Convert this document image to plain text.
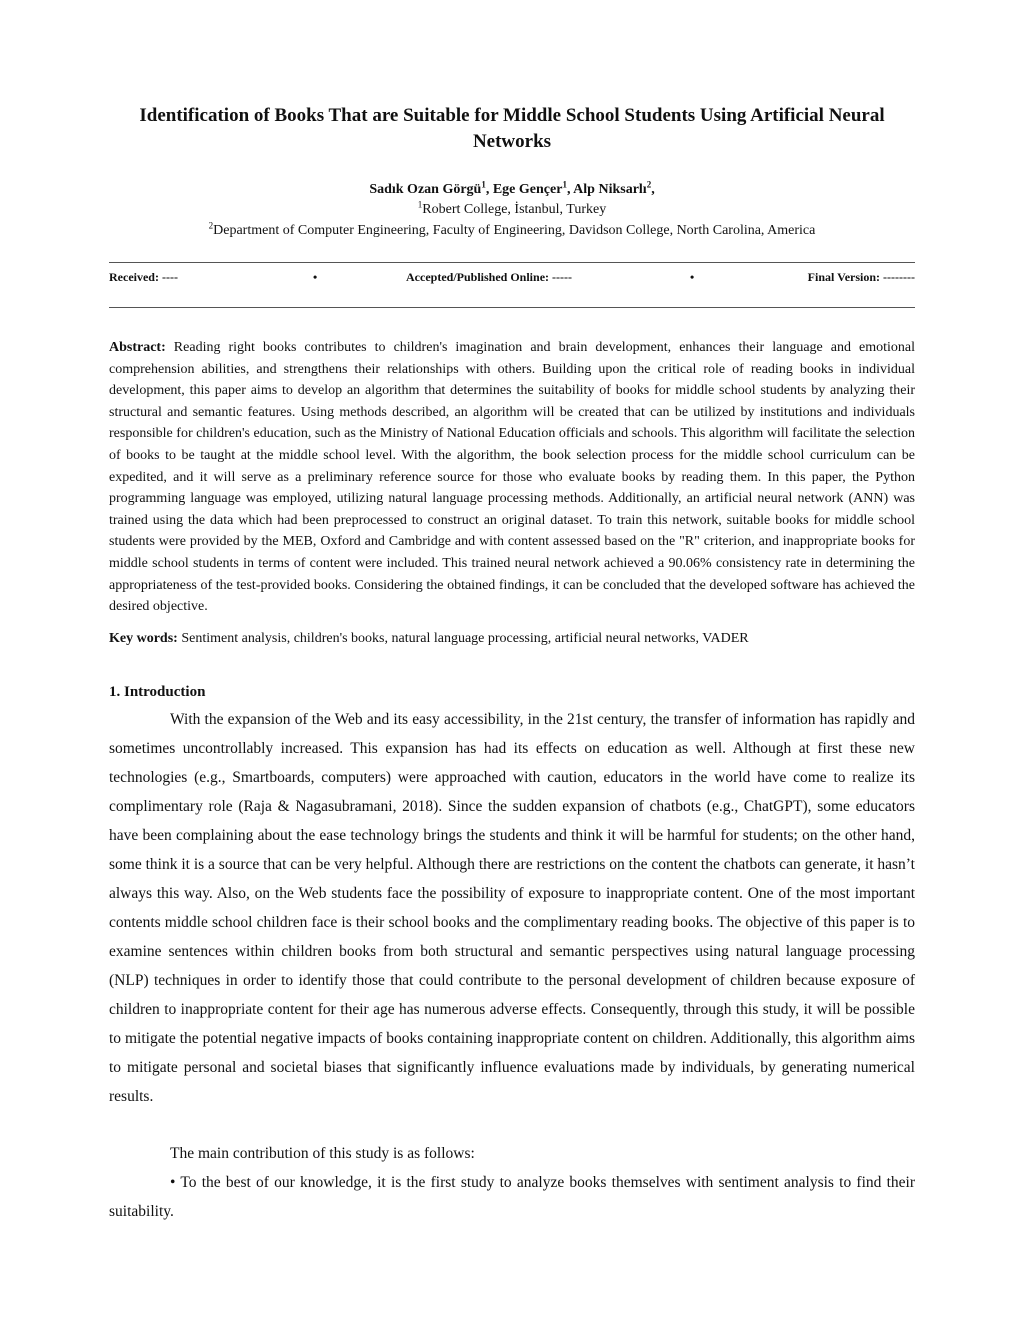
Identification of Books That are Suitable for Middle School Students Using Artificial Neural Networks
Sadık Ozan Görgü$^1$, Ege Gençer$^1$, Alp Niksarlı$^2$,
$^1$Robert College, İstanbul, Turkey
$^2$Department of Computer Engineering, Faculty of Engineering, Davidson College, North Carolina, America
Received: ----	•	Accepted/Published Online: -----	•	Final Version: --------
Abstract: Reading right books contributes to children's imagination and brain development, enhances their language and emotional comprehension abilities, and strengthens their relationships with others. Building upon the critical role of reading books in individual development, this paper aims to develop an algorithm that determines the suitability of books for middle school students by analyzing their structural and semantic features. Using methods described, an algorithm will be created that can be utilized by institutions and individuals responsible for children's education, such as the Ministry of National Education officials and schools. This algorithm will facilitate the selection of books to be taught at the middle school level. With the algorithm, the book selection process for the middle school curriculum can be expedited, and it will serve as a preliminary reference source for those who evaluate books by reading them. In this paper, the Python programming language was employed, utilizing natural language processing methods. Additionally, an artificial neural network (ANN) was trained using the data which had been preprocessed to construct an original dataset. To train this network, suitable books for middle school students were provided by the MEB, Oxford and Cambridge and with content assessed based on the "R" criterion, and inappropriate books for middle school students in terms of content were included. This trained neural network achieved a 90.06% consistency rate in determining the appropriateness of the test-provided books. Considering the obtained findings, it can be concluded that the developed software has achieved the desired objective.
Key words: Sentiment analysis, children's books, natural language processing, artificial neural networks, VADER
1. Introduction
With the expansion of the Web and its easy accessibility, in the 21st century, the transfer of information has rapidly and sometimes uncontrollably increased. This expansion has had its effects on education as well. Although at first these new technologies (e.g., Smartboards, computers) were approached with caution, educators in the world have come to realize its complimentary role (Raja & Nagasubramani, 2018). Since the sudden expansion of chatbots (e.g., ChatGPT), some educators have been complaining about the ease technology brings the students and think it will be harmful for students; on the other hand, some think it is a source that can be very helpful. Although there are restrictions on the content the chatbots can generate, it hasn’t always this way. Also, on the Web students face the possibility of exposure to inappropriate content. One of the most important contents middle school children face is their school books and the complimentary reading books. The objective of this paper is to examine sentences within children books from both structural and semantic perspectives using natural language processing (NLP) techniques in order to identify those that could contribute to the personal development of children because exposure of children to inappropriate content for their age has numerous adverse effects. Consequently, through this study, it will be possible to mitigate the potential negative impacts of books containing inappropriate content on children. Additionally, this algorithm aims to mitigate personal and societal biases that significantly influence evaluations made by individuals, by generating numerical results.
The main contribution of this study is as follows:
• To the best of our knowledge, it is the first study to analyze books themselves with sentiment analysis to find their suitability.
